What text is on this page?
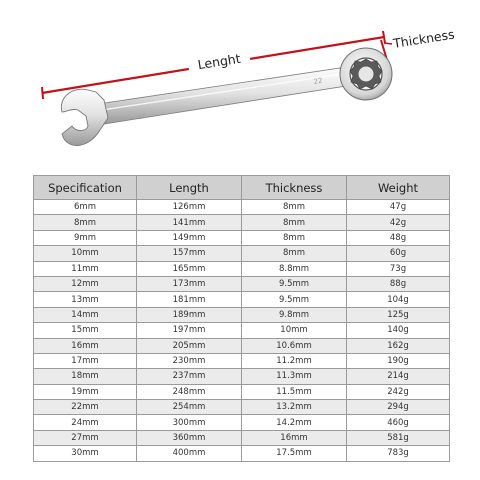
Lenght
Thickness
22
22
Specification	Length	Thickness	Weight
6mm	126mm	8mm	47g
8mm	141mm	8mm	42g
9mm	149mm	8mm	48g
10mm	157mm	8mm	60g
11mm	165mm	8.8mm	73g
12mm	173mm	9.5mm	88g
13mm	181mm	9.5mm	104g
14mm	189mm	9.8mm	125g
15mm	197mm	10mm	140g
16mm	205mm	10.6mm	162g
17mm	230mm	11.2mm	190g
18mm	237mm	11.3mm	214g
19mm	248mm	11.5mm	242g
22mm	254mm	13.2mm	294g
24mm	300mm	14.2mm	460g
27mm	360mm	16mm	581g
30mm	400mm	17.5mm	783g
